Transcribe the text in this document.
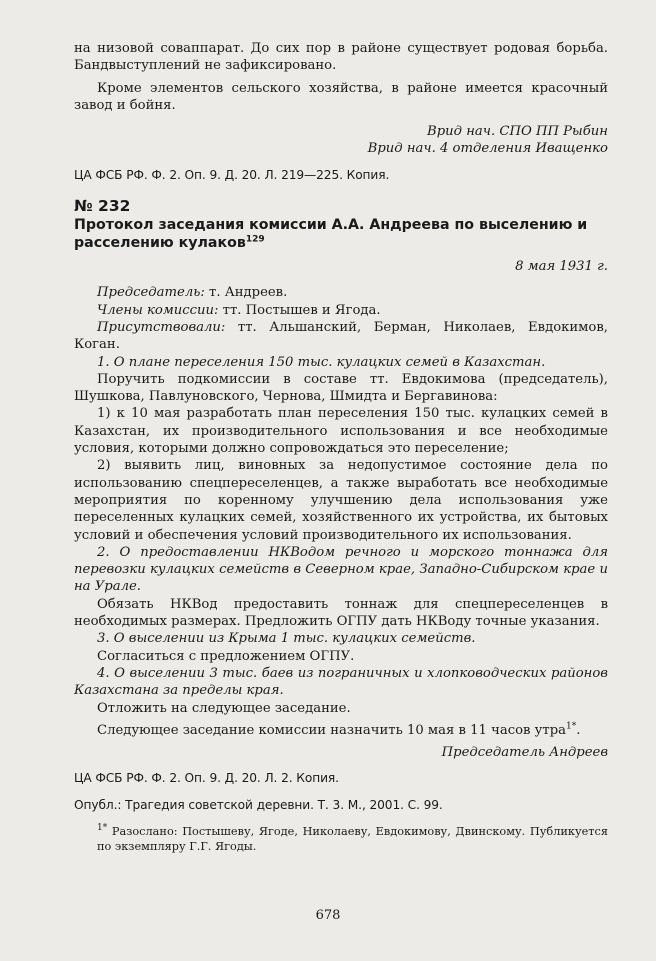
на низовой соваппарат. До сих пор в районе существует родовая борьба. Бандвыступлений не зафиксировано.

Кроме элементов сельского хозяйства, в районе имеется красочный завод и бойня.

Врид нач. СПО ПП Рыбин

Врид нач. 4 отделения Иващенко

ЦА ФСБ РФ. Ф. 2. Оп. 9. Д. 20. Л. 219—225. Копия.

№ 232

Протокол заседания комиссии А.А. Андреева по выселению и расселению кулаков$^{129}$

8 мая 1931 г.

Председатель: т. Андреев.

Члены комиссии: тт. Постышев и Ягода.

Присутствовали: тт. Альшанский, Берман, Николаев, Евдокимов, Коган.

1. О плане переселения 150 тыс. кулацких семей в Казахстан.

Поручить подкомиссии в составе тт. Евдокимова (председатель), Шушкова, Павлуновского, Чернова, Шмидта и Бергавинова:

1) к 10 мая разработать план переселения 150 тыс. кулацких семей в Казахстан, их производительного использования и все необходимые условия, которыми должно сопровождаться это переселение;

2) выявить лиц, виновных за недопустимое состояние дела по использованию спецпереселенцев, а также выработать все необходимые мероприятия по коренному улучшению дела использования уже переселенных кулацких семей, хозяйственного их устройства, их бытовых условий и обеспечения условий производительного их использования.

2. О предоставлении НКВодом речного и морского тоннажа для перевозки кулацких семейств в Северном крае, Западно-Сибирском крае и на Урале.

Обязать НКВод предоставить тоннаж для спецпереселенцев в необходимых размерах. Предложить ОГПУ дать НКВоду точные указания.

3. О выселении из Крыма 1 тыс. кулацких семейств.

Согласиться с предложением ОГПУ.

4. О выселении 3 тыс. баев из пограничных и хлопководческих районов Казахстана за пределы края.

Отложить на следующее заседание.

Следующее заседание комиссии назначить 10 мая в 11 часов утра$^{1*}$.

Председатель Андреев

ЦА ФСБ РФ. Ф. 2. Оп. 9. Д. 20. Л. 2. Копия.

Опубл.: Трагедия советской деревни. Т. 3. М., 2001. С. 99.

$^{1*}$ Разослано: Постышеву, Ягоде, Николаеву, Евдокимову, Двинскому. Публикуется по экземпляру Г.Г. Ягоды.

678
